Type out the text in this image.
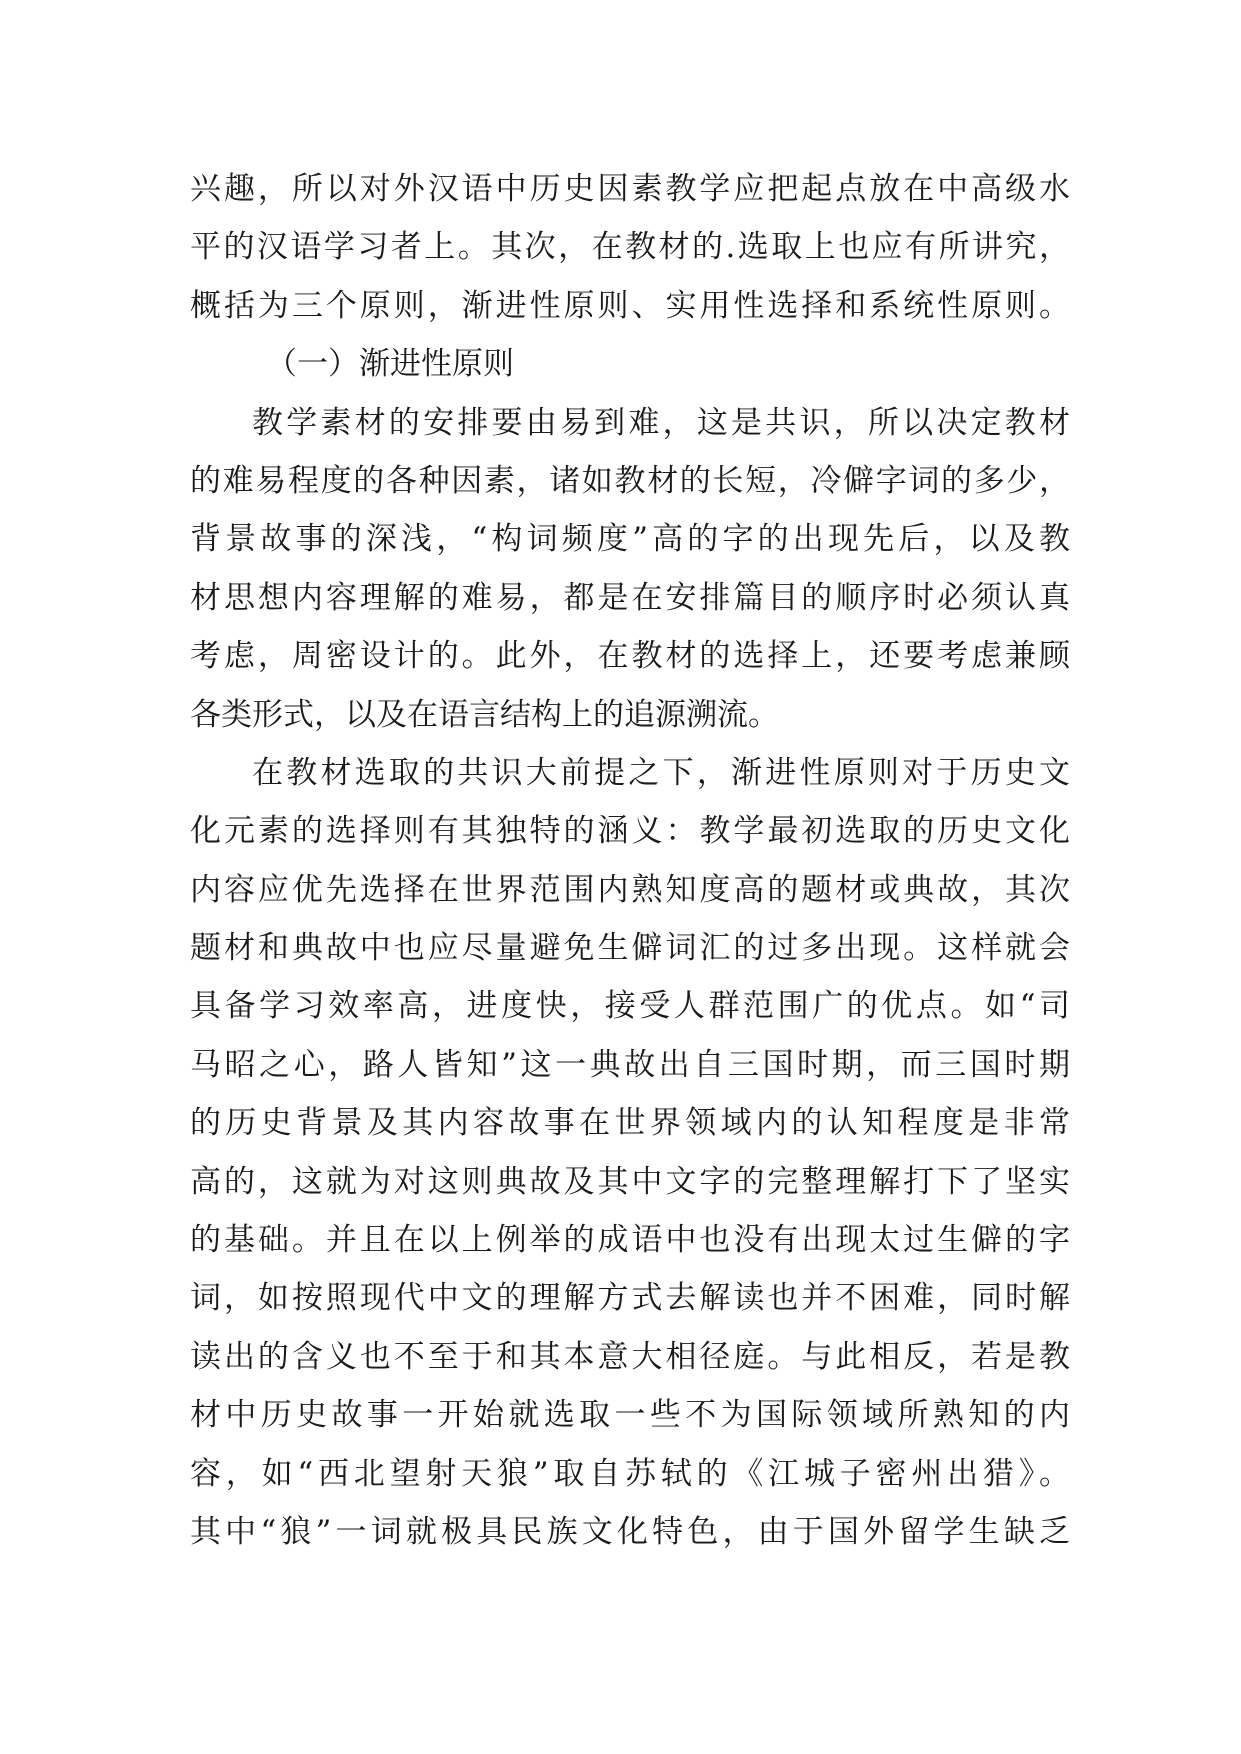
兴趣，所以对外汉语中历史因素教学应把起点放在中高级水
平的汉语学习者上。其次，在教材的.选取上也应有所讲究，
概括为三个原则，渐进性原则、实用性选择和系统性原则。
（一）渐进性原则
教学素材的安排要由易到难，这是共识，所以决定教材
的难易程度的各种因素，诸如教材的长短，冷僻字词的多少，
背景故事的深浅，“构词频度”高的字的出现先后，以及教
材思想内容理解的难易，都是在安排篇目的顺序时必须认真
考虑，周密设计的。此外，在教材的选择上，还要考虑兼顾
各类形式，以及在语言结构上的追源溯流。
在教材选取的共识大前提之下，渐进性原则对于历史文
化元素的选择则有其独特的涵义：教学最初选取的历史文化
内容应优先选择在世界范围内熟知度高的题材或典故，其次
题材和典故中也应尽量避免生僻词汇的过多出现。这样就会
具备学习效率高，进度快，接受人群范围广的优点。如“司
马昭之心，路人皆知”这一典故出自三国时期，而三国时期
的历史背景及其内容故事在世界领域内的认知程度是非常
高的，这就为对这则典故及其中文字的完整理解打下了坚实
的基础。并且在以上例举的成语中也没有出现太过生僻的字
词，如按照现代中文的理解方式去解读也并不困难，同时解
读出的含义也不至于和其本意大相径庭。与此相反，若是教
材中历史故事一开始就选取一些不为国际领域所熟知的内
容，如“西北望射天狼”取自苏轼的《江城子密州出猎》。
其中“狼”一词就极具民族文化特色，由于国外留学生缺乏
